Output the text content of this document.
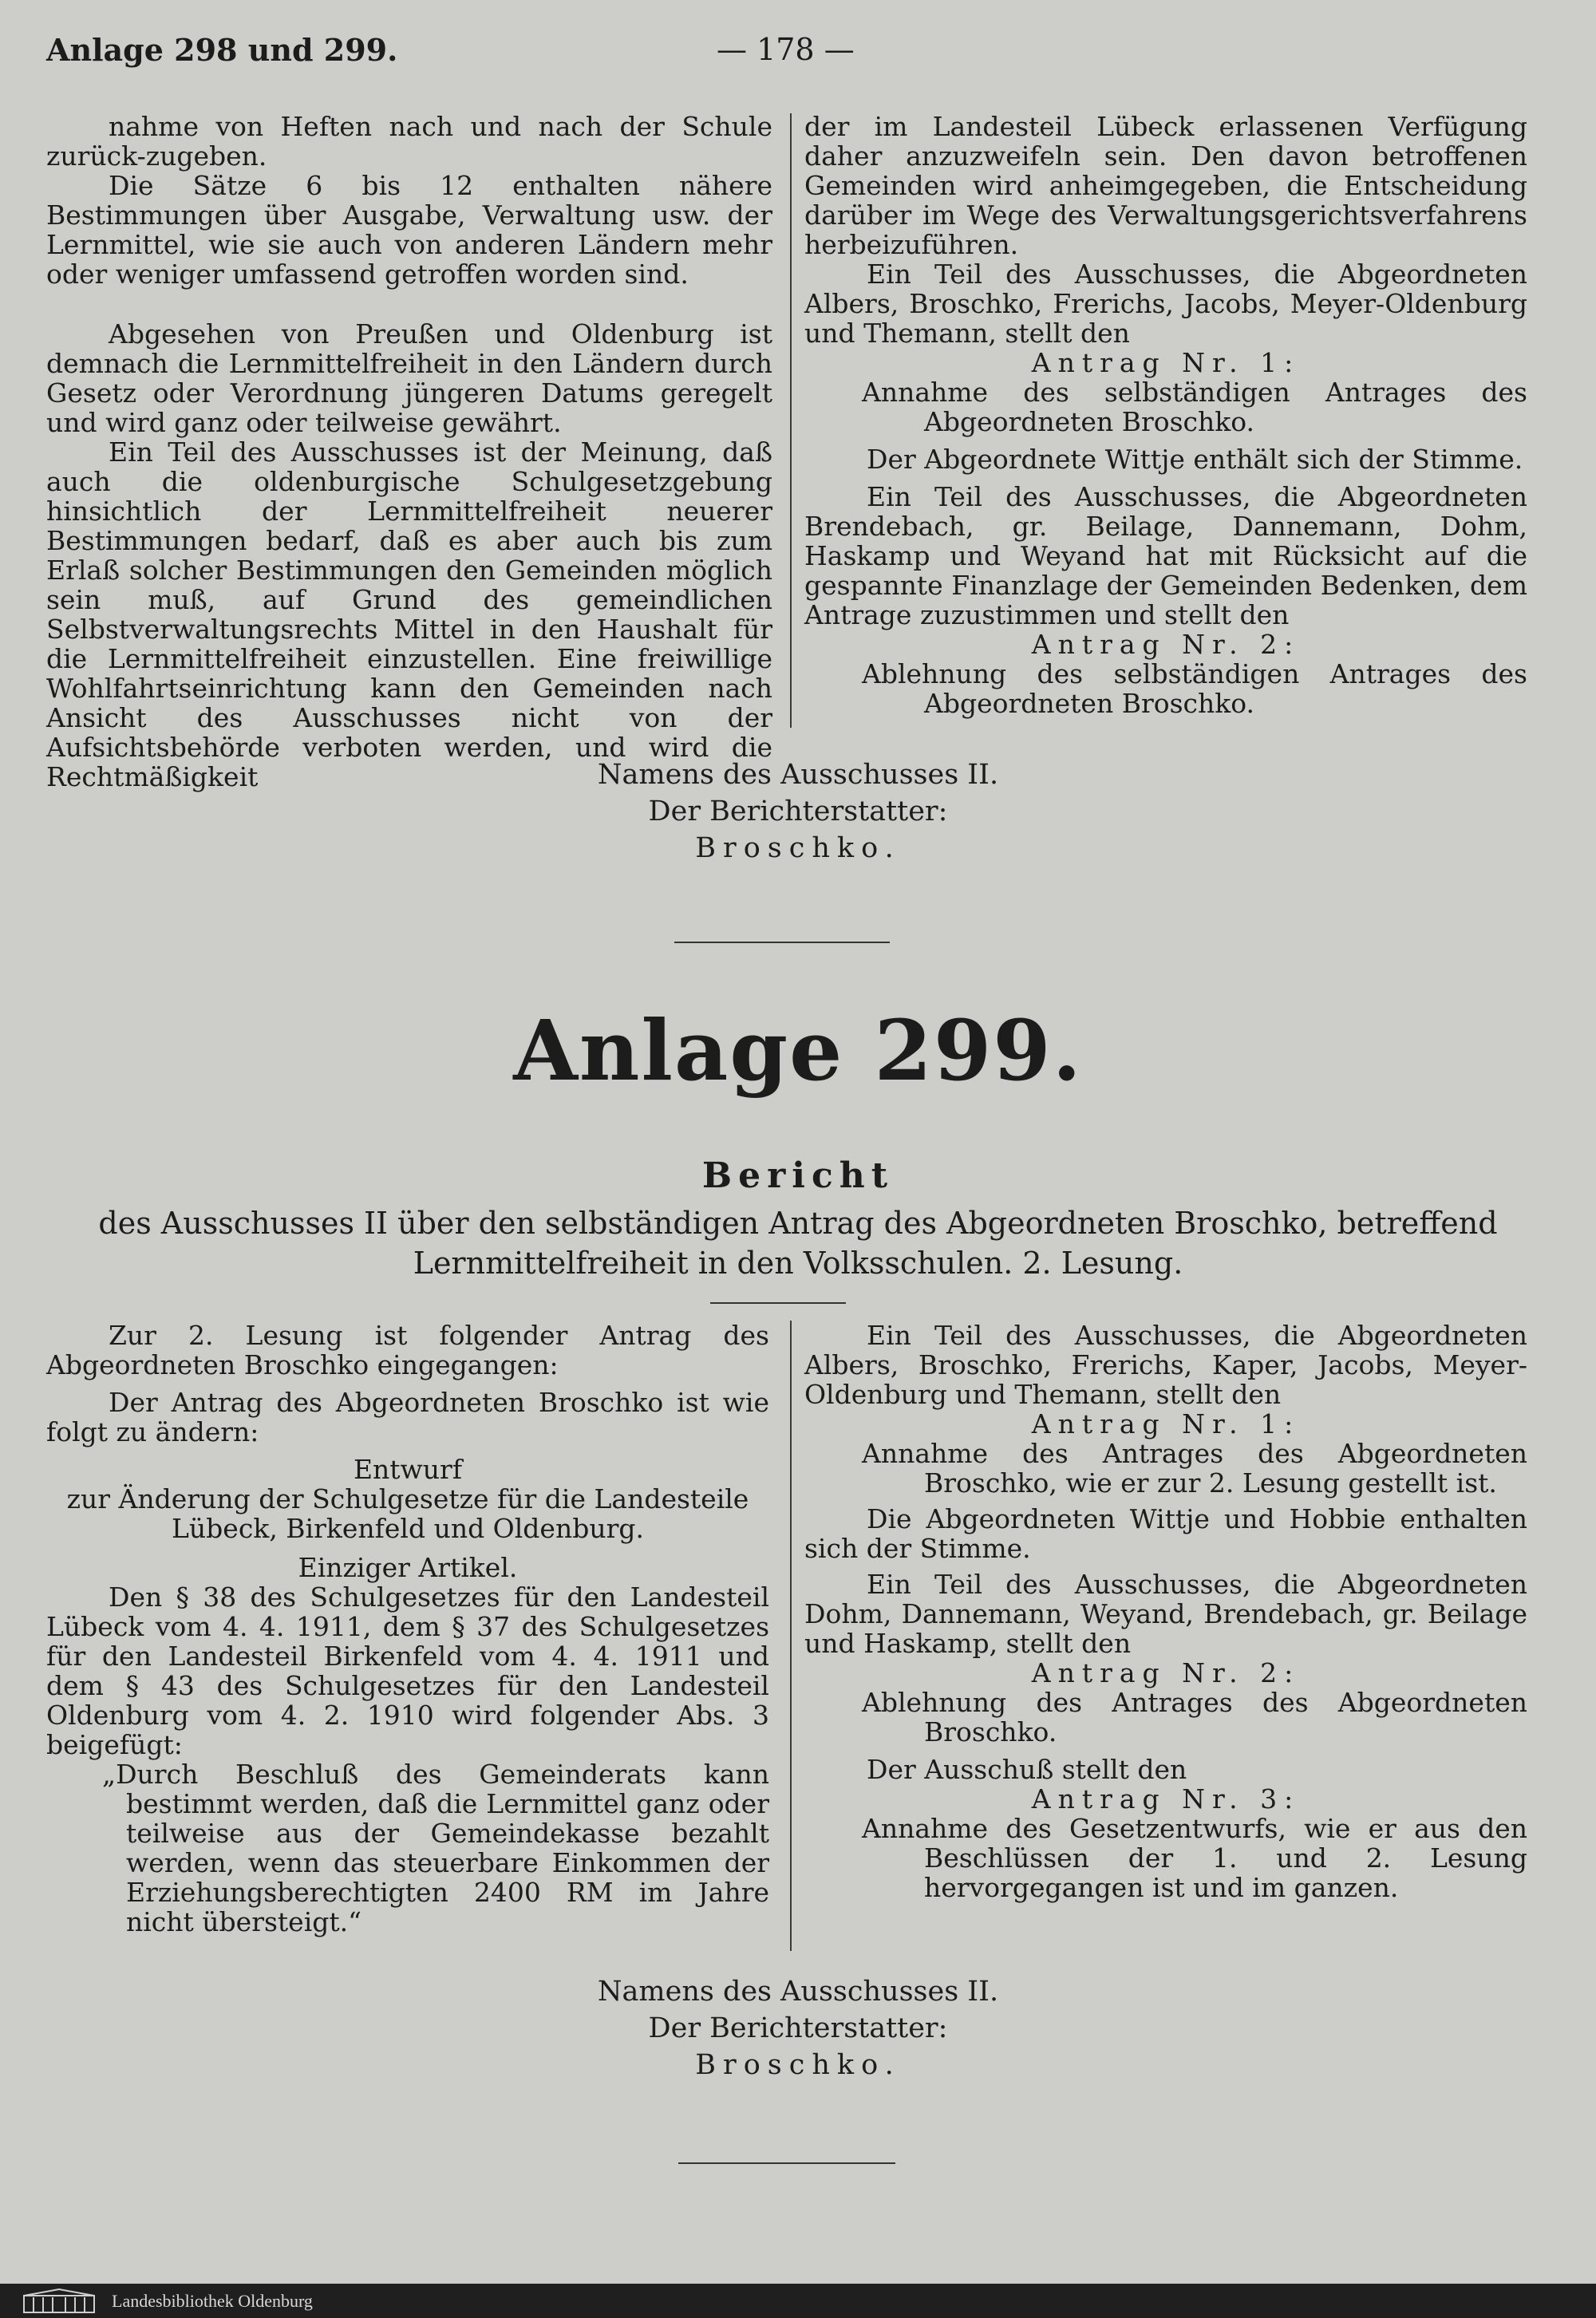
Anlage 298 und 299.	— 178 —

nahme von Heften nach und nach der Schule zurück-zugeben.

Die Sätze 6 bis 12 enthalten nähere Bestimmungen über Ausgabe, Verwaltung usw. der Lernmittel, wie sie auch von anderen Ländern mehr oder weniger umfassend getroffen worden sind.

Abgesehen von Preußen und Oldenburg ist demnach die Lernmittelfreiheit in den Ländern durch Gesetz oder Verordnung jüngeren Datums geregelt und wird ganz oder teilweise gewährt.

Ein Teil des Ausschusses ist der Meinung, daß auch die oldenburgische Schulgesetzgebung hinsichtlich der Lernmittelfreiheit neuerer Bestimmungen bedarf, daß es aber auch bis zum Erlaß solcher Bestimmungen den Gemeinden möglich sein muß, auf Grund des gemeindlichen Selbstverwaltungsrechts Mittel in den Haushalt für die Lernmittelfreiheit einzustellen. Eine freiwillige Wohlfahrtseinrichtung kann den Gemeinden nach Ansicht des Ausschusses nicht von der Aufsichtsbehörde verboten werden, und wird die Rechtmäßigkeit

der im Landesteil Lübeck erlassenen Verfügung daher anzuzweifeln sein. Den davon betroffenen Gemeinden wird anheimgegeben, die Entscheidung darüber im Wege des Verwaltungsgerichtsverfahrens herbeizuführen.

Ein Teil des Ausschusses, die Abgeordneten Albers, Broschko, Frerichs, Jacobs, Meyer-Oldenburg und Themann, stellt den

Antrag Nr. 1:

Annahme des selbständigen Antrages des Abgeordneten Broschko.

Der Abgeordnete Wittje enthält sich der Stimme.

Ein Teil des Ausschusses, die Abgeordneten Brendebach, gr. Beilage, Dannemann, Dohm, Haskamp und Weyand hat mit Rücksicht auf die gespannte Finanzlage der Gemeinden Bedenken, dem Antrage zuzustimmen und stellt den

Antrag Nr. 2:

Ablehnung des selbständigen Antrages des Abgeordneten Broschko.

Namens des Ausschusses II.
Der Berichterstatter:
Broschko.
Anlage 299.
Bericht
des Ausschusses II über den selbständigen Antrag des Abgeordneten Broschko, betreffend Lernmittelfreiheit in den Volksschulen. 2. Lesung.

Zur 2. Lesung ist folgender Antrag des Abgeordneten Broschko eingegangen:

Der Antrag des Abgeordneten Broschko ist wie folgt zu ändern:

Entwurf

zur Änderung der Schulgesetze für die Landesteile Lübeck, Birkenfeld und Oldenburg.

Einziger Artikel.

Den § 38 des Schulgesetzes für den Landesteil Lübeck vom 4. 4. 1911, dem § 37 des Schulgesetzes für den Landesteil Birkenfeld vom 4. 4. 1911 und dem § 43 des Schulgesetzes für den Landesteil Oldenburg vom 4. 2. 1910 wird folgender Abs. 3 beigefügt:

„Durch Beschluß des Gemeinderats kann bestimmt werden, daß die Lernmittel ganz oder teilweise aus der Gemeindekasse bezahlt werden, wenn das steuerbare Einkommen der Erziehungsberechtigten 2400 RM im Jahre nicht übersteigt.“

Ein Teil des Ausschusses, die Abgeordneten Albers, Broschko, Frerichs, Kaper, Jacobs, Meyer-Oldenburg und Themann, stellt den

Antrag Nr. 1:

Annahme des Antrages des Abgeordneten Broschko, wie er zur 2. Lesung gestellt ist.

Die Abgeordneten Wittje und Hobbie enthalten sich der Stimme.

Ein Teil des Ausschusses, die Abgeordneten Dohm, Dannemann, Weyand, Brendebach, gr. Beilage und Haskamp, stellt den

Antrag Nr. 2:

Ablehnung des Antrages des Abgeordneten Broschko.

Der Ausschuß stellt den

Antrag Nr. 3:

Annahme des Gesetzentwurfs, wie er aus den Beschlüssen der 1. und 2. Lesung hervorgegangen ist und im ganzen.

Namens des Ausschusses II.
Der Berichterstatter:
Broschko.
Landesbibliothek Oldenburg
